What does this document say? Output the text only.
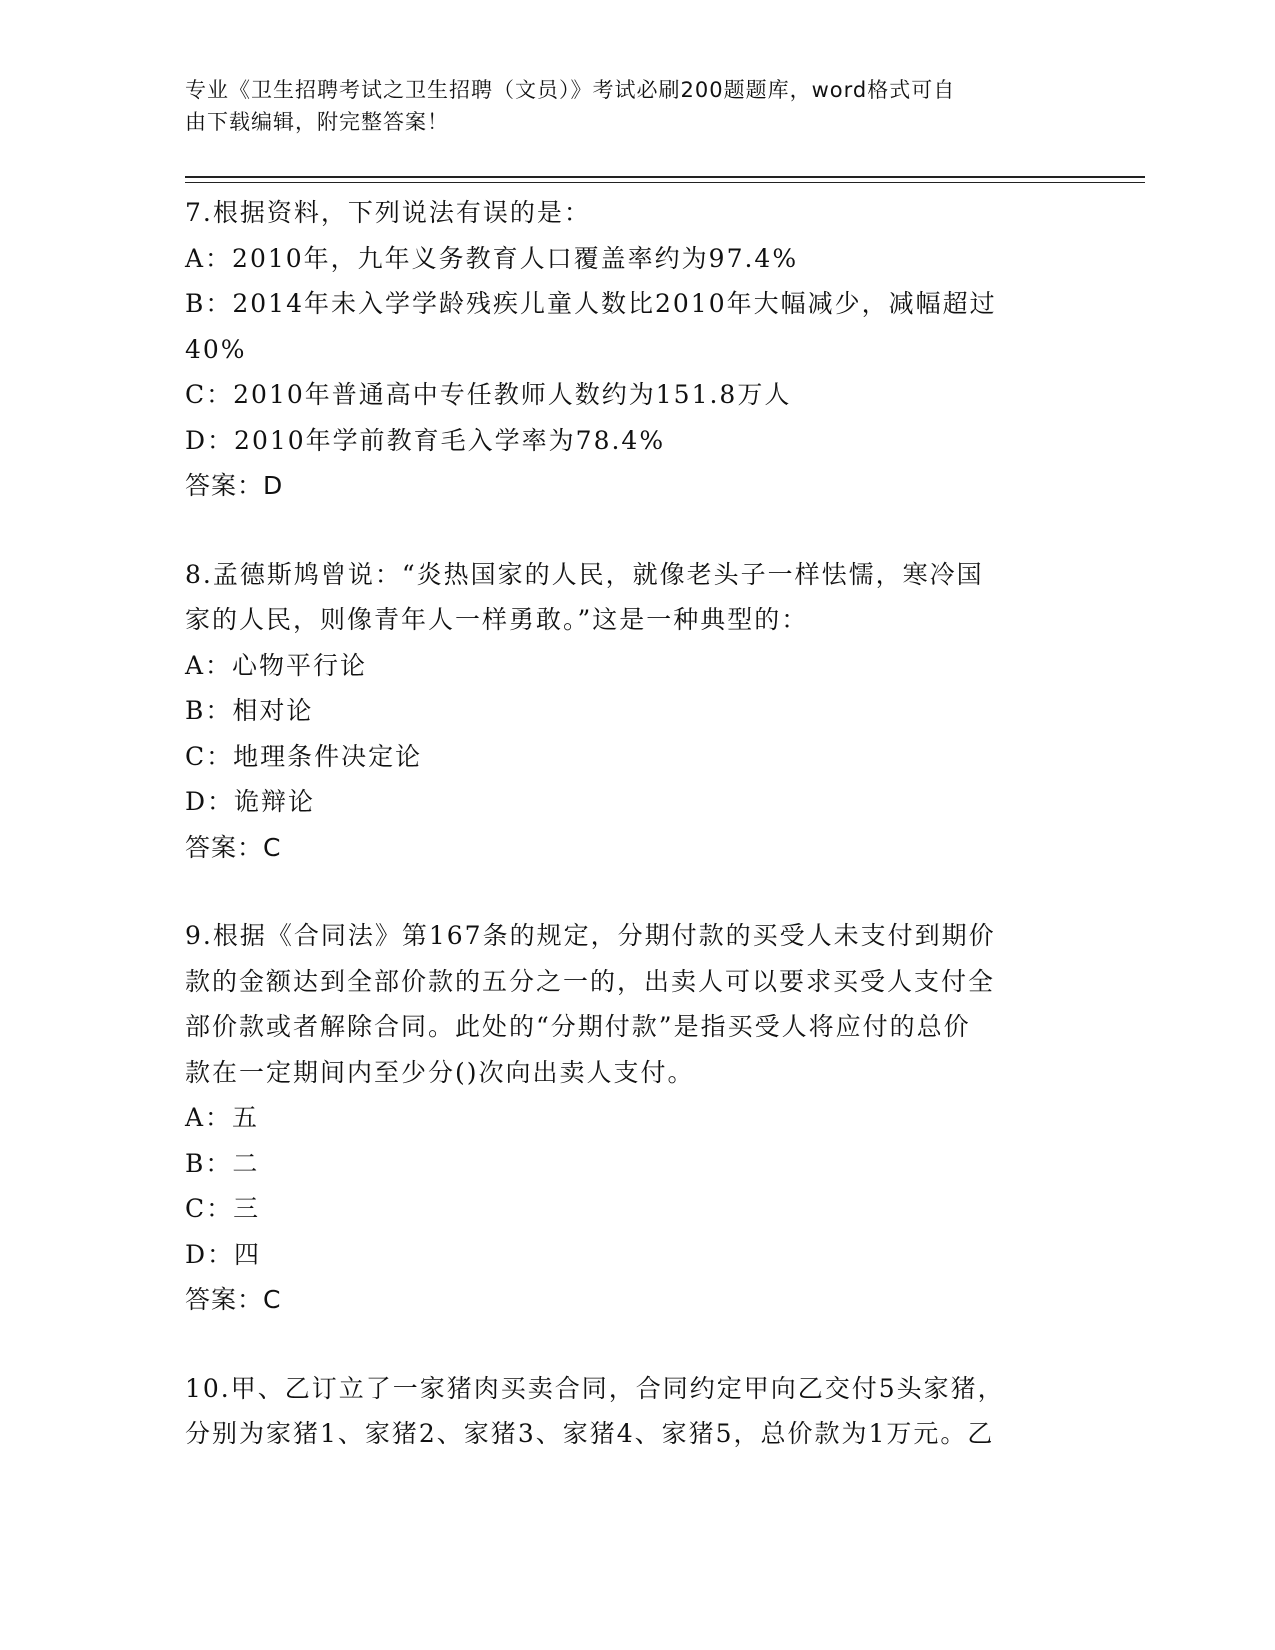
专业《卫生招聘考试之卫生招聘（文员）》考试必刷200题题库，word格式可自
由下载编辑，附完整答案！
7.根据资料，下列说法有误的是：
A：2010年，九年义务教育人口覆盖率约为97.4%
B：2014年未入学学龄残疾儿童人数比2010年大幅减少，减幅超过
40%
C：2010年普通高中专任教师人数约为151.8万人
D：2010年学前教育毛入学率为78.4%
答案：D
8.孟德斯鸠曾说：“炎热国家的人民，就像老头子一样怯懦，寒冷国
家的人民，则像青年人一样勇敢。”这是一种典型的：
A：心物平行论
B：相对论
C：地理条件决定论
D：诡辩论
答案：C
9.根据《合同法》第167条的规定，分期付款的买受人未支付到期价
款的金额达到全部价款的五分之一的，出卖人可以要求买受人支付全
部价款或者解除合同。此处的“分期付款”是指买受人将应付的总价
款在一定期间内至少分()次向出卖人支付。
A：五
B：二
C：三
D：四
答案：C
10.甲、乙订立了一家猪肉买卖合同，合同约定甲向乙交付5头家猪，
分别为家猪1、家猪2、家猪3、家猪4、家猪5，总价款为1万元。乙
